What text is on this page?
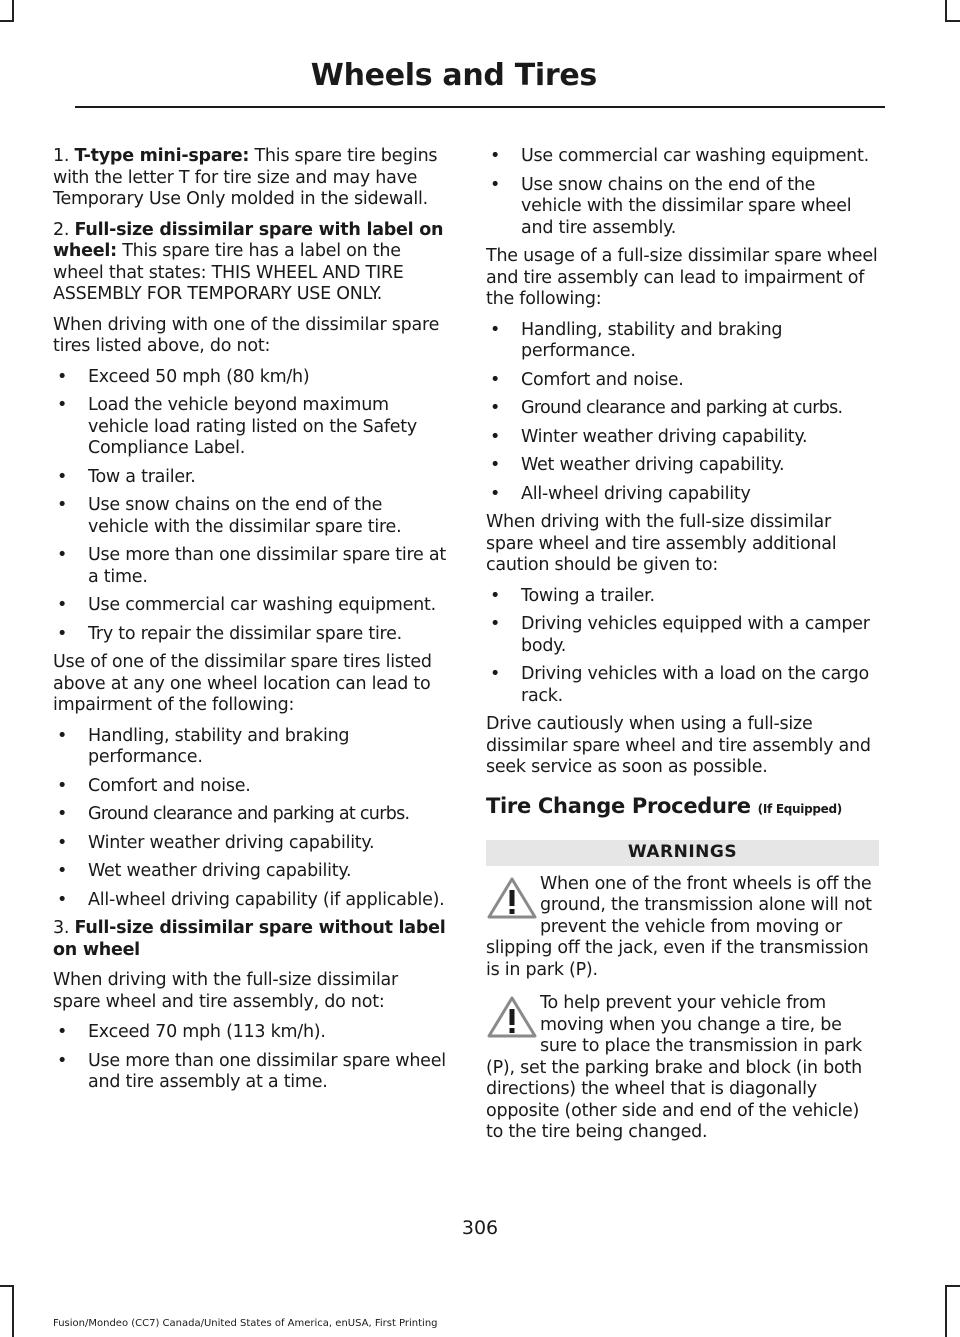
Wheels and Tires

1. T-type mini-spare: This spare tire begins with the letter T for tire size and may have Temporary Use Only molded in the sidewall.

2. Full-size dissimilar spare with label on wheel: This spare tire has a label on the wheel that states: THIS WHEEL AND TIRE ASSEMBLY FOR TEMPORARY USE ONLY.

When driving with one of the dissimilar spare tires listed above, do not:

• Exceed 50 mph (80 km/h)
• Load the vehicle beyond maximum vehicle load rating listed on the Safety Compliance Label.
• Tow a trailer.
• Use snow chains on the end of the vehicle with the dissimilar spare tire.
• Use more than one dissimilar spare tire at a time.
• Use commercial car washing equipment.
• Try to repair the dissimilar spare tire.

Use of one of the dissimilar spare tires listed above at any one wheel location can lead to impairment of the following:

• Handling, stability and braking performance.
• Comfort and noise.
• Ground clearance and parking at curbs.
• Winter weather driving capability.
• Wet weather driving capability.
• All-wheel driving capability (if applicable).

3. Full-size dissimilar spare without label on wheel

When driving with the full-size dissimilar spare wheel and tire assembly, do not:

• Exceed 70 mph (113 km/h).
• Use more than one dissimilar spare wheel and tire assembly at a time.
• Use commercial car washing equipment.
• Use snow chains on the end of the vehicle with the dissimilar spare wheel and tire assembly.

The usage of a full-size dissimilar spare wheel and tire assembly can lead to impairment of the following:

• Handling, stability and braking performance.
• Comfort and noise.
• Ground clearance and parking at curbs.
• Winter weather driving capability.
• Wet weather driving capability.
• All-wheel driving capability

When driving with the full-size dissimilar spare wheel and tire assembly additional caution should be given to:

• Towing a trailer.
• Driving vehicles equipped with a camper body.
• Driving vehicles with a load on the cargo rack.

Drive cautiously when using a full-size dissimilar spare wheel and tire assembly and seek service as soon as possible.

Tire Change Procedure (If Equipped)
WARNINGS
When one of the front wheels is off the ground, the transmission alone will not prevent the vehicle from moving or slipping off the jack, even if the transmission is in park (P).
To help prevent your vehicle from moving when you change a tire, be sure to place the transmission in park (P), set the parking brake and block (in both directions) the wheel that is diagonally opposite (other side and end of the vehicle) to the tire being changed.
306
Fusion/Mondeo (CC7) Canada/United States of America, enUSA, First Printing
